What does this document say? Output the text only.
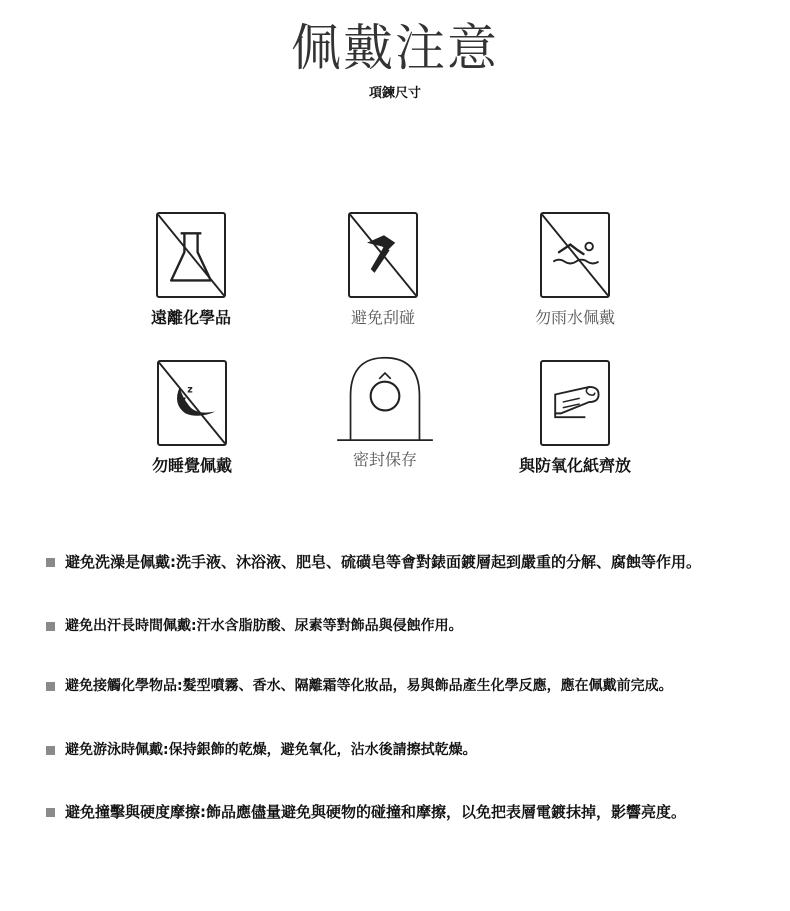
佩戴注意
項鍊尺寸
遠離化學品	避免刮碰	勿雨水佩戴
z
z
勿睡覺佩戴	密封保存	與防氧化紙齊放
避免洗澡是佩戴:洗手液、沐浴液、肥皂、硫磺皂等會對錶面鍍層起到嚴重的分解、腐蝕等作用。
避免出汗長時間佩戴:汗水含脂肪酸、尿素等對飾品與侵蝕作用。
避免接觸化學物品:髮型噴霧、香水、隔離霜等化妝品，易與飾品產生化學反應，應在佩戴前完成。
避免游泳時佩戴:保持銀飾的乾燥，避免氧化，沾水後請擦拭乾燥。
避免撞擊與硬度摩擦:飾品應儘量避免與硬物的碰撞和摩擦，以免把表層電鍍抹掉，影響亮度。
